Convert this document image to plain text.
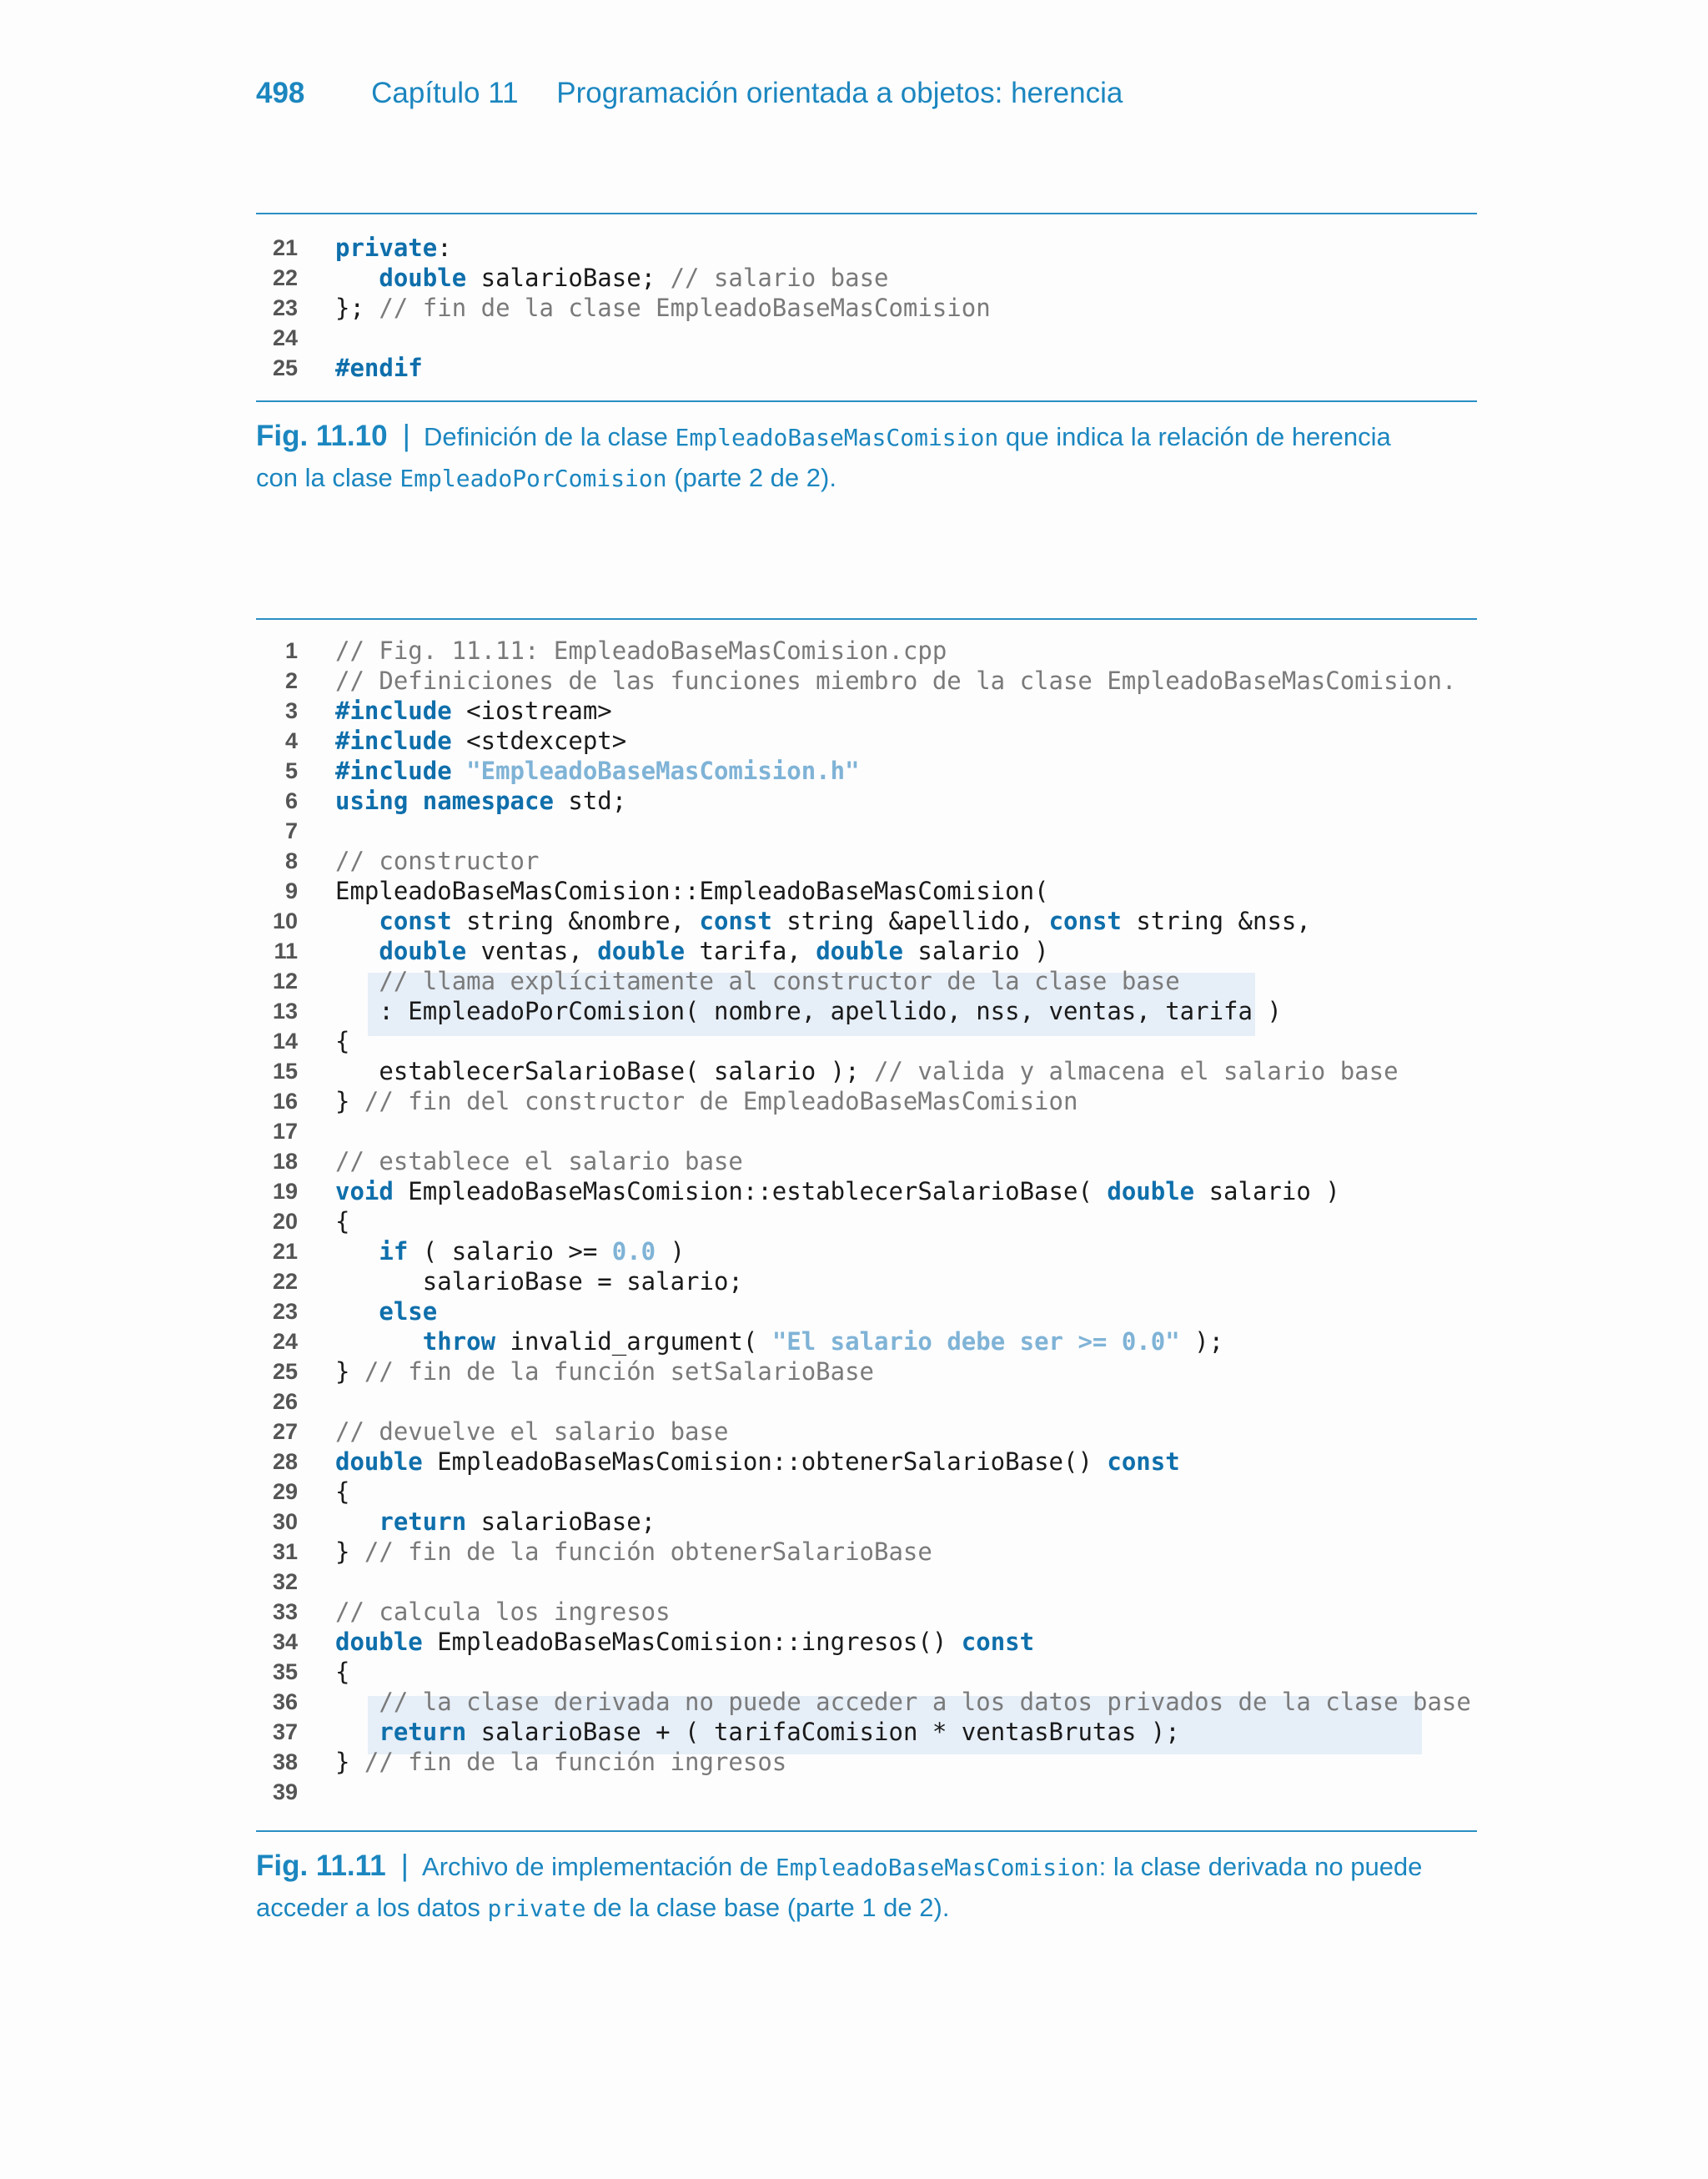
498 Capítulo 11 Programación orientada a objetos: herencia
21 private:
22	double salarioBase; // salario base
23 }; // fin de la clase EmpleadoBaseMasComision
24
25 #endif
Fig. 11.10 | Definición de la clase EmpleadoBaseMasComision que indica la relación de herencia
con la clase EmpleadoPorComision (parte 2 de 2).
1 // Fig. 11.11: EmpleadoBaseMasComision.cpp
2 // Definiciones de las funciones miembro de la clase EmpleadoBaseMasComision.
3 #include <iostream>
4 #include <stdexcept>
5 #include "EmpleadoBaseMasComision.h"
6 using namespace std;
7
8 // constructor
9 EmpleadoBaseMasComision::EmpleadoBaseMasComision(
10	const string &nombre, const string &apellido, const string &nss,
11	double ventas, double tarifa, double salario )
12	// llama explícitamente al constructor de la clase base
13 : EmpleadoPorComision( nombre, apellido, nss, ventas, tarifa )
14 {
15 establecerSalarioBase( salario ); // valida y almacena el salario base
16 } // fin del constructor de EmpleadoBaseMasComision
17
18 // establece el salario base
19 void EmpleadoBaseMasComision::establecerSalarioBase( double salario )
20 {
21	if ( salario >= 0.0 )
22 salarioBase = salario;
23	else
24	throw invalid_argument( "El salario debe ser >= 0.0" );
25 } // fin de la función setSalarioBase
26
27 // devuelve el salario base
28 double EmpleadoBaseMasComision::obtenerSalarioBase() const
29 {
30	return salarioBase;
31 } // fin de la función obtenerSalarioBase
32
33 // calcula los ingresos
34 double EmpleadoBaseMasComision::ingresos() const
35 {
36	// la clase derivada no puede acceder a los datos privados de la clase base
37	return salarioBase + ( tarifaComision * ventasBrutas );
38 } // fin de la función ingresos
39
Fig. 11.11 | Archivo de implementación de EmpleadoBaseMasComision: la clase derivada no puede
acceder a los datos private de la clase base (parte 1 de 2).
